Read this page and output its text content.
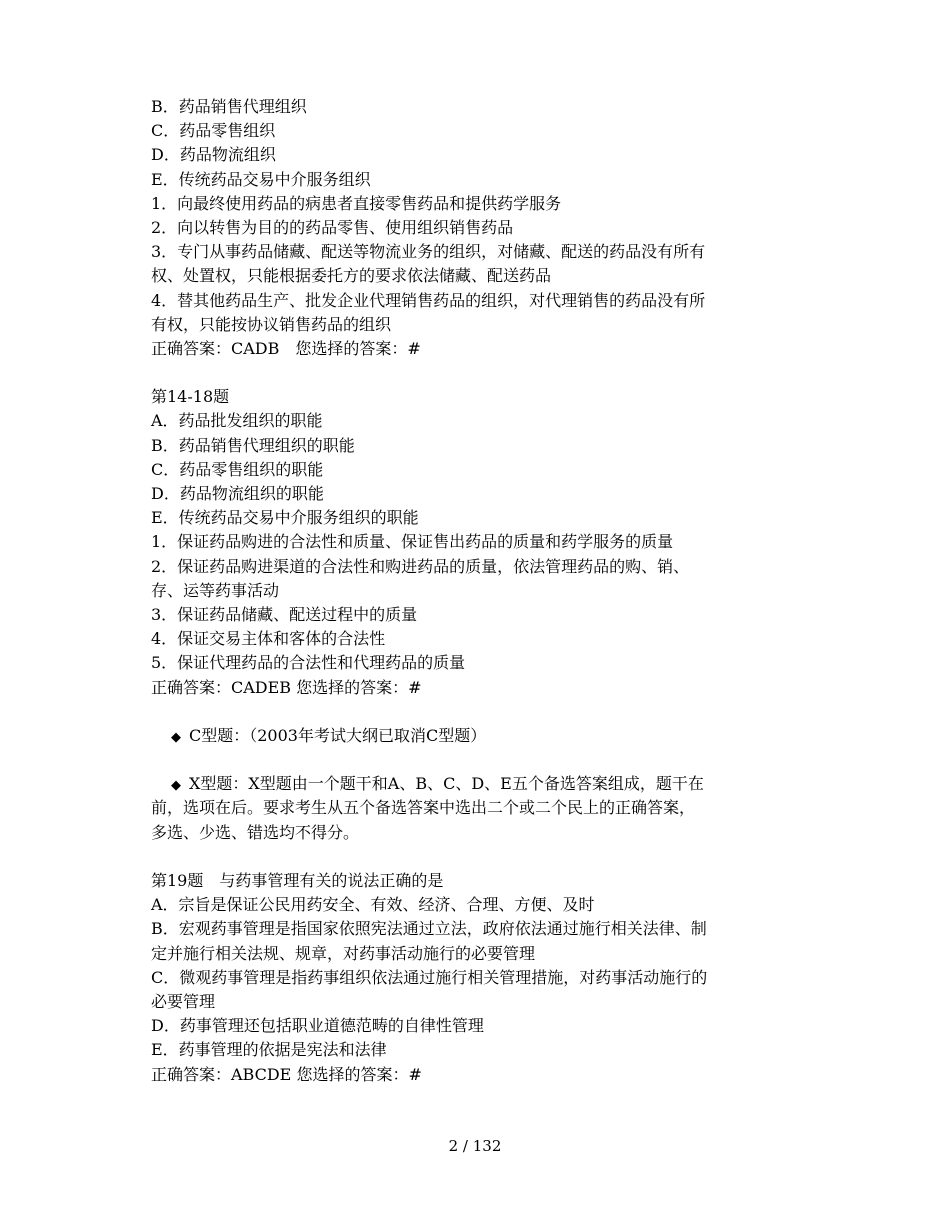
B．药品销售代理组织
C．药品零售组织
D．药品物流组织
E．传统药品交易中介服务组织
1．向最终使用药品的病患者直接零售药品和提供药学服务
2．向以转售为目的的药品零售、使用组织销售药品
3．专门从事药品储藏、配送等物流业务的组织，对储藏、配送的药品没有所有
权、处置权，只能根据委托方的要求依法储藏、配送药品
4．替其他药品生产、批发企业代理销售药品的组织，对代理销售的药品没有所
有权，只能按协议销售药品的组织
正确答案：CADB　您选择的答案：#
第14-18题
A．药品批发组织的职能
B．药品销售代理组织的职能
C．药品零售组织的职能
D．药品物流组织的职能
E．传统药品交易中介服务组织的职能
1．保证药品购进的合法性和质量、保证售出药品的质量和药学服务的质量
2．保证药品购进渠道的合法性和购进药品的质量，依法管理药品的购、销、
存、运等药事活动
3．保证药品储藏、配送过程中的质量
4．保证交易主体和客体的合法性
5．保证代理药品的合法性和代理药品的质量
正确答案：CADEB 您选择的答案：#
◆ C型题：（2003年考试大纲已取消C型题）
◆ X型题：X型题由一个题干和A、B、C、D、E五个备选答案组成，题干在
前，选项在后。要求考生从五个备选答案中选出二个或二个民上的正确答案，
多选、少选、错选均不得分。
第19题　与药事管理有关的说法正确的是
A．宗旨是保证公民用药安全、有效、经济、合理、方便、及时
B．宏观药事管理是指国家依照宪法通过立法，政府依法通过施行相关法律、制
定并施行相关法规、规章，对药事活动施行的必要管理
C．微观药事管理是指药事组织依法通过施行相关管理措施，对药事活动施行的
必要管理
D．药事管理还包括职业道德范畴的自律性管理
E．药事管理的依据是宪法和法律
正确答案：ABCDE 您选择的答案：#
2 / 132
